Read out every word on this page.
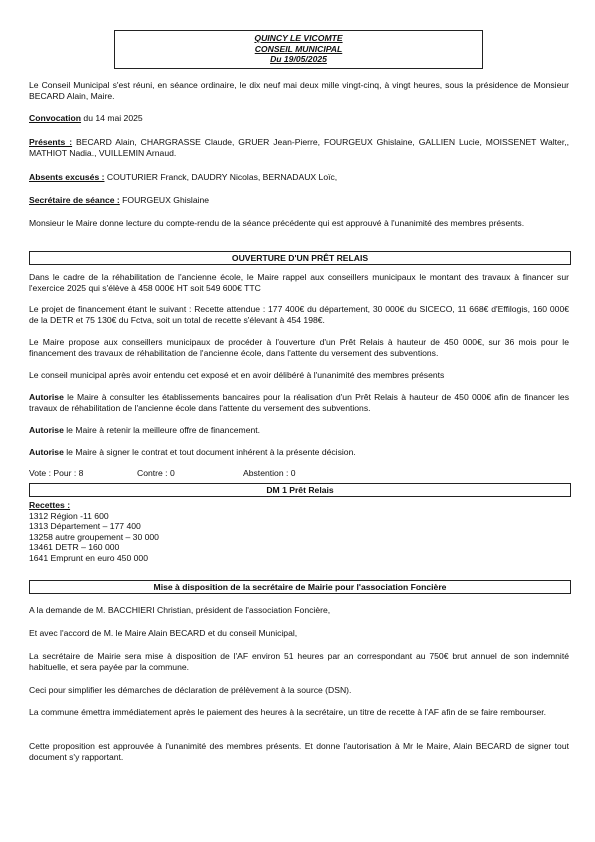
QUINCY LE VICOMTE
CONSEIL MUNICIPAL
Du 19/05/2025

Le Conseil Municipal s'est réuni, en séance ordinaire, le dix neuf mai deux mille vingt-cinq, à vingt heures, sous la présidence de Monsieur BECARD Alain, Maire.

Convocation du 14 mai 2025

Présents : BECARD Alain, CHARGRASSE Claude, GRUER Jean-Pierre, FOURGEUX Ghislaine, GALLIEN Lucie, MOISSENET Walter,, MATHIOT Nadia., VUILLEMIN Arnaud.

Absents excusés : COUTURIER Franck, DAUDRY Nicolas, BERNADAUX Loïc,

Secrétaire de séance : FOURGEUX Ghislaine

Monsieur le Maire donne lecture du compte-rendu de la séance précédente qui est approuvé à l'unanimité des membres présents.

OUVERTURE D'UN PRÊT RELAIS

Dans le cadre de la réhabilitation de l'ancienne école, le Maire rappel aux conseillers municipaux le montant des travaux à financer sur l'exercice 2025 qui s'élève à 458 000€ HT soit 549 600€ TTC

Le projet de financement étant le suivant : Recette attendue : 177 400€ du département, 30 000€ du SICECO, 11 668€ d'Effilogis, 160 000€ de la DETR et 75 130€ du Fctva, soit un total de recette s'élevant à 454 198€.

Le Maire propose aux conseillers municipaux de procéder à l'ouverture d'un Prêt Relais à hauteur de 450 000€, sur 36 mois pour le financement des travaux de réhabilitation de l'ancienne école, dans l'attente du versement des subventions.

Le conseil municipal après avoir entendu cet exposé et en avoir délibéré à l'unanimité des membres présents

Autorise le Maire à consulter les établissements bancaires pour la réalisation d'un Prêt Relais à hauteur de 450 000€ afin de financer les travaux de réhabilitation de l'ancienne école dans l'attente du versement des subventions.

Autorise le Maire à retenir la meilleure offre de financement.

Autorise le Maire à signer le contrat et tout document inhérent à la présente décision.

Vote : Pour : 8	Contre : 0	Abstention : 0
DM 1 Prêt Relais
Recettes :
1312 Région -11 600
1313 Département – 177 400
13258 autre groupement – 30 000
13461 DETR – 160 000
1641 Emprunt en euro 450 000
Mise à disposition de la secrétaire de Mairie pour l'association Foncière

A la demande de M. BACCHIERI Christian, président de l'association Foncière,

Et avec l'accord de M. le Maire Alain BECARD et du conseil Municipal,

La secrétaire de Mairie sera mise à disposition de l'AF environ 51 heures par an correspondant au 750€ brut annuel de son indemnité habituelle, et sera payée par la commune.

Ceci pour simplifier les démarches de déclaration de prélèvement à la source (DSN).

La commune émettra immédiatement après le paiement des heures à la secrétaire, un titre de recette à l'AF afin de se faire rembourser.

Cette proposition est approuvée à l'unanimité des membres présents. Et donne l'autorisation à Mr le Maire, Alain BECARD de signer tout document s'y rapportant.
